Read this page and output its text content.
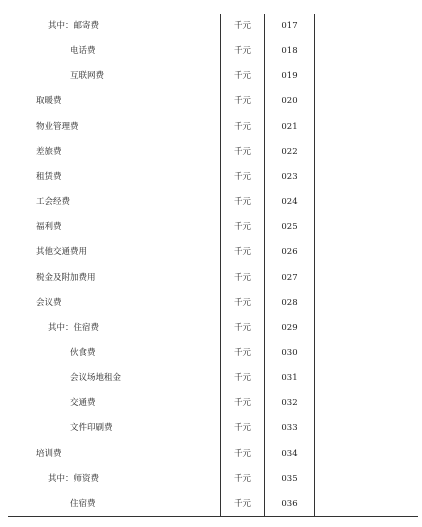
其中：邮寄费	千元	017
电话费	千元	018
互联网费	千元	019
取暖费	千元	020
物业管理费	千元	021
差旅费	千元	022
租赁费	千元	023
工会经费	千元	024
福利费	千元	025
其他交通费用	千元	026
税金及附加费用	千元	027
会议费	千元	028
其中：住宿费	千元	029
伙食费	千元	030
会议场地租金	千元	031
交通费	千元	032
文件印刷费	千元	033
培训费	千元	034
其中：师资费	千元	035
住宿费	千元	036
